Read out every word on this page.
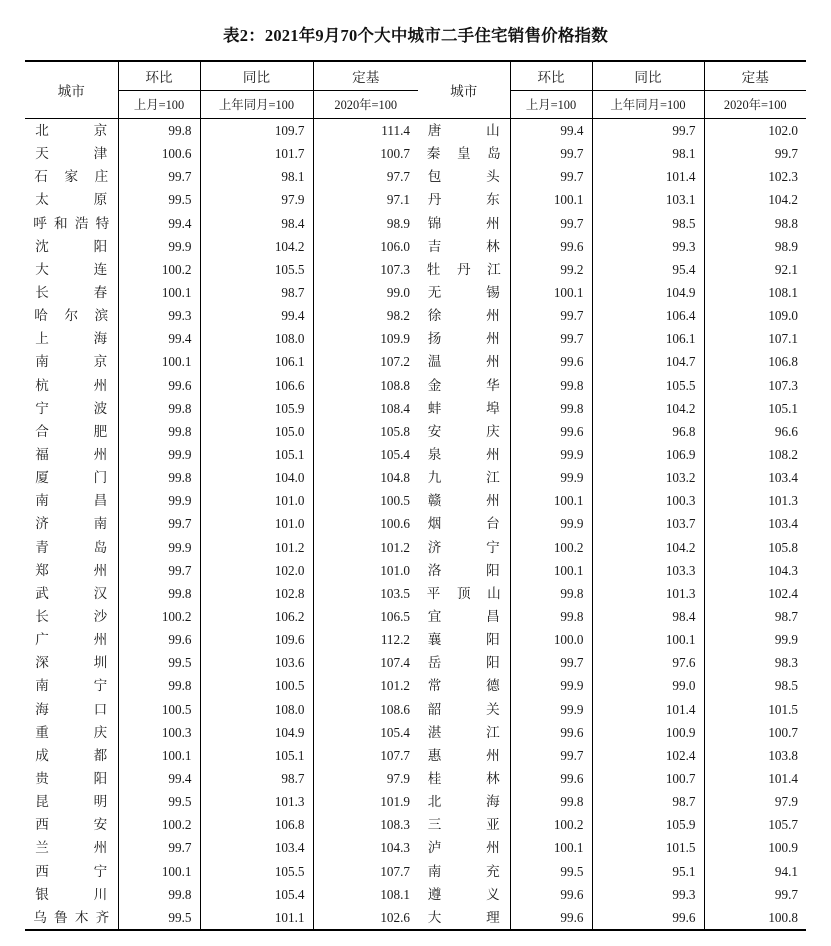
表2：2021年9月70个大中城市二手住宅销售价格指数
城市	环比	同比	定基
	上月=100	上年同月=100	2020年=100
北京	99.8	109.7	111.4
天津	100.6	101.7	100.7
石家庄	99.7	98.1	97.7
太原	99.5	97.9	97.1
呼和浩特	99.4	98.4	98.9
沈阳	99.9	104.2	106.0
大连	100.2	105.5	107.3
长春	100.1	98.7	99.0
哈尔滨	99.3	99.4	98.2
上海	99.4	108.0	109.9
南京	100.1	106.1	107.2
杭州	99.6	106.6	108.8
宁波	99.8	105.9	108.4
合肥	99.8	105.0	105.8
福州	99.9	105.1	105.4
厦门	99.8	104.0	104.8
南昌	99.9	101.0	100.5
济南	99.7	101.0	100.6
青岛	99.9	101.2	101.2
郑州	99.7	102.0	101.0
武汉	99.8	102.8	103.5
长沙	100.2	106.2	106.5
广州	99.6	109.6	112.2
深圳	99.5	103.6	107.4
南宁	99.8	100.5	101.2
海口	100.5	108.0	108.6
重庆	100.3	104.9	105.4
成都	100.1	105.1	107.7
贵阳	99.4	98.7	97.9
昆明	99.5	101.3	101.9
西安	100.2	106.8	108.3
兰州	99.7	103.4	104.3
西宁	100.1	105.5	107.7
银川	99.8	105.4	108.1
乌鲁木齐	99.5	101.1	102.6
城市	环比	同比	定基
	上月=100	上年同月=100	2020年=100
唐山	99.4	99.7	102.0
秦皇岛	99.7	98.1	99.7
包头	99.7	101.4	102.3
丹东	100.1	103.1	104.2
锦州	99.7	98.5	98.8
吉林	99.6	99.3	98.9
牡丹江	99.2	95.4	92.1
无锡	100.1	104.9	108.1
徐州	99.7	106.4	109.0
扬州	99.7	106.1	107.1
温州	99.6	104.7	106.8
金华	99.8	105.5	107.3
蚌埠	99.8	104.2	105.1
安庆	99.6	96.8	96.6
泉州	99.9	106.9	108.2
九江	99.9	103.2	103.4
赣州	100.1	100.3	101.3
烟台	99.9	103.7	103.4
济宁	100.2	104.2	105.8
洛阳	100.1	103.3	104.3
平顶山	99.8	101.3	102.4
宜昌	99.8	98.4	98.7
襄阳	100.0	100.1	99.9
岳阳	99.7	97.6	98.3
常德	99.9	99.0	98.5
韶关	99.9	101.4	101.5
湛江	99.6	100.9	100.7
惠州	99.7	102.4	103.8
桂林	99.6	100.7	101.4
北海	99.8	98.7	97.9
三亚	100.2	105.9	105.7
泸州	100.1	101.5	100.9
南充	99.5	95.1	94.1
遵义	99.6	99.3	99.7
大理	99.6	99.6	100.8
